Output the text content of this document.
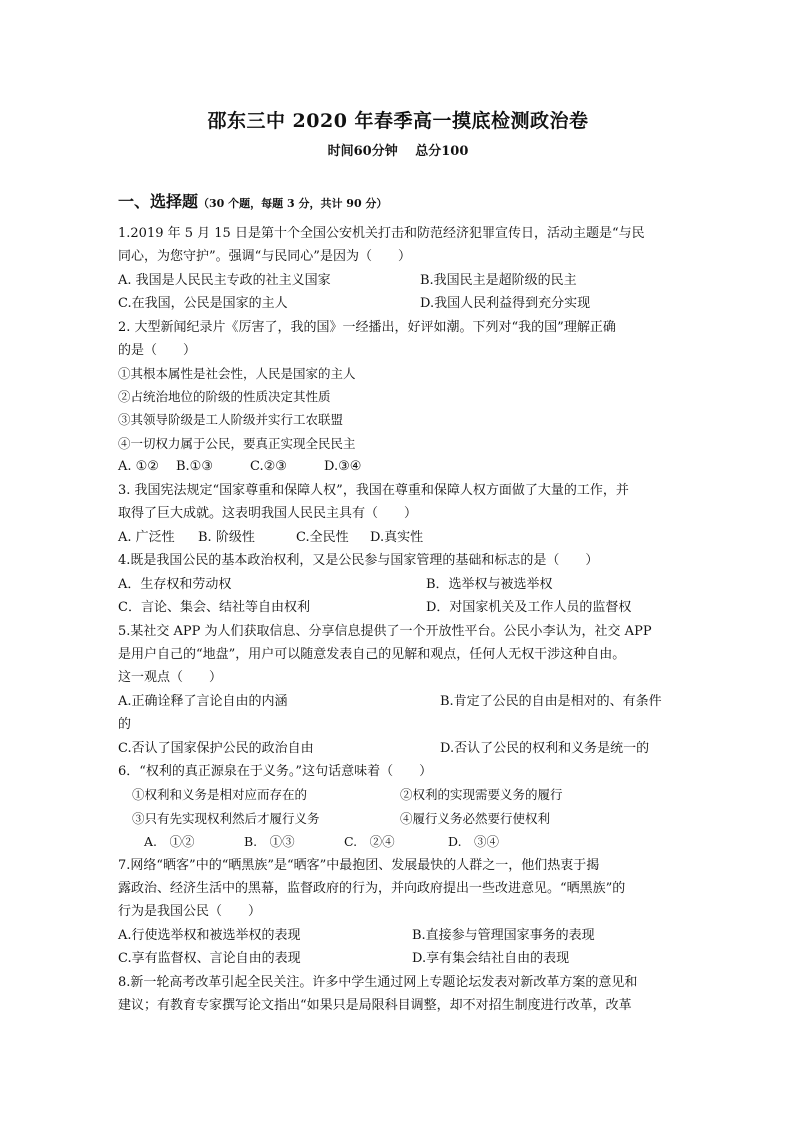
邵东三中 2020 年春季高一摸底检测政治卷
时间60分钟　 总分100
一、选择题（30 个题，每题 3 分，共计 90 分）
1.2019 年 5 月 15 日是第十个全国公安机关打击和防范经济犯罪宣传日，活动主题是“与民
同心，为您守护”。强调“与民同心”是因为（　　）
A. 我国是人民民主专政的社主义国家	B.我国民主是超阶级的民主
C.在我国，公民是国家的主人	D.我国人民利益得到充分实现
2. 大型新闻纪录片《厉害了，我的国》一经播出，好评如潮。下列对“我的国”理解正确
的是（　　）
①其根本属性是社会性，人民是国家的主人
②占统治地位的阶级的性质决定其性质
③其领导阶级是工人阶级并实行工农联盟
④一切权力属于公民，要真正实现全民民主
A. ①② B.①③	C.②③	D.③④
3. 我国宪法规定“国家尊重和保障人权”，我国在尊重和保障人权方面做了大量的工作，并
取得了巨大成就。这表明我国人民民主具有（　　）
A. 广泛性 B. 阶级性	C.全民性 D.真实性
4.既是我国公民的基本政治权利，又是公民参与国家管理的基础和标志的是（　　）
A．生存权和劳动权	B．选举权与被选举权
C．言论、集会、结社等自由权利	D．对国家机关及工作人员的监督权
5.某社交 APP 为人们获取信息、分享信息提供了一个开放性平台。公民小李认为，社交 APP
是用户自己的“地盘”，用户可以随意发表自己的见解和观点，任何人无权干涉这种自由。
这一观点（　　）
A.正确诠释了言论自由的内涵	B.肯定了公民的自由是相对的、有条件
的
C.否认了国家保护公民的政治自由	D.否认了公民的权利和义务是统一的
6．“权利的真正源泉在于义务。”这句话意味着（　　）
①权利和义务是相对应而存在的	②权利的实现需要义务的履行
③只有先实现权利然后才履行义务	④履行义务必然要行使权利
A.　①②	B.　①③	C.　②④	D.　③④
7.网络“晒客”中的“晒黑族”是“晒客”中最抱团、发展最快的人群之一，他们热衷于揭
露政治、经济生活中的黑幕，监督政府的行为，并向政府提出一些改进意见。“晒黑族”的
行为是我国公民（　　）
A.行使选举权和被选举权的表现	B.直接参与管理国家事务的表现
C.享有监督权、言论自由的表现	D.享有集会结社自由的表现
8.新一轮高考改革引起全民关注。许多中学生通过网上专题论坛发表对新改革方案的意见和
建议；有教育专家撰写论文指出“如果只是局限科目调整，却不对招生制度进行改革，改革
